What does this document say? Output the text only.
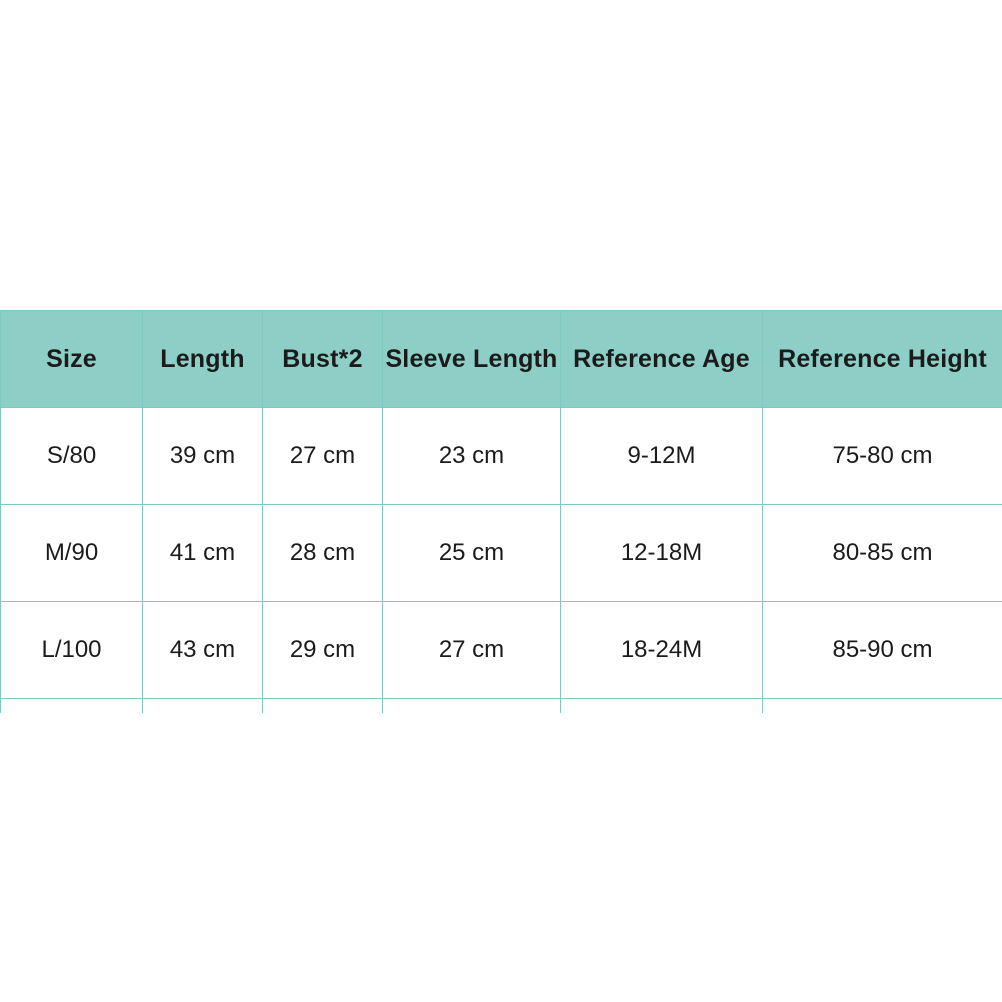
Size	Length	Bust*2	Sleeve Length	Reference Age	Reference Height
S/80	39 cm	27 cm	23 cm	9-12M	75-80 cm
M/90	41 cm	28 cm	25 cm	12-18M	80-85 cm
L/100	43 cm	29 cm	27 cm	18-24M	85-90 cm
